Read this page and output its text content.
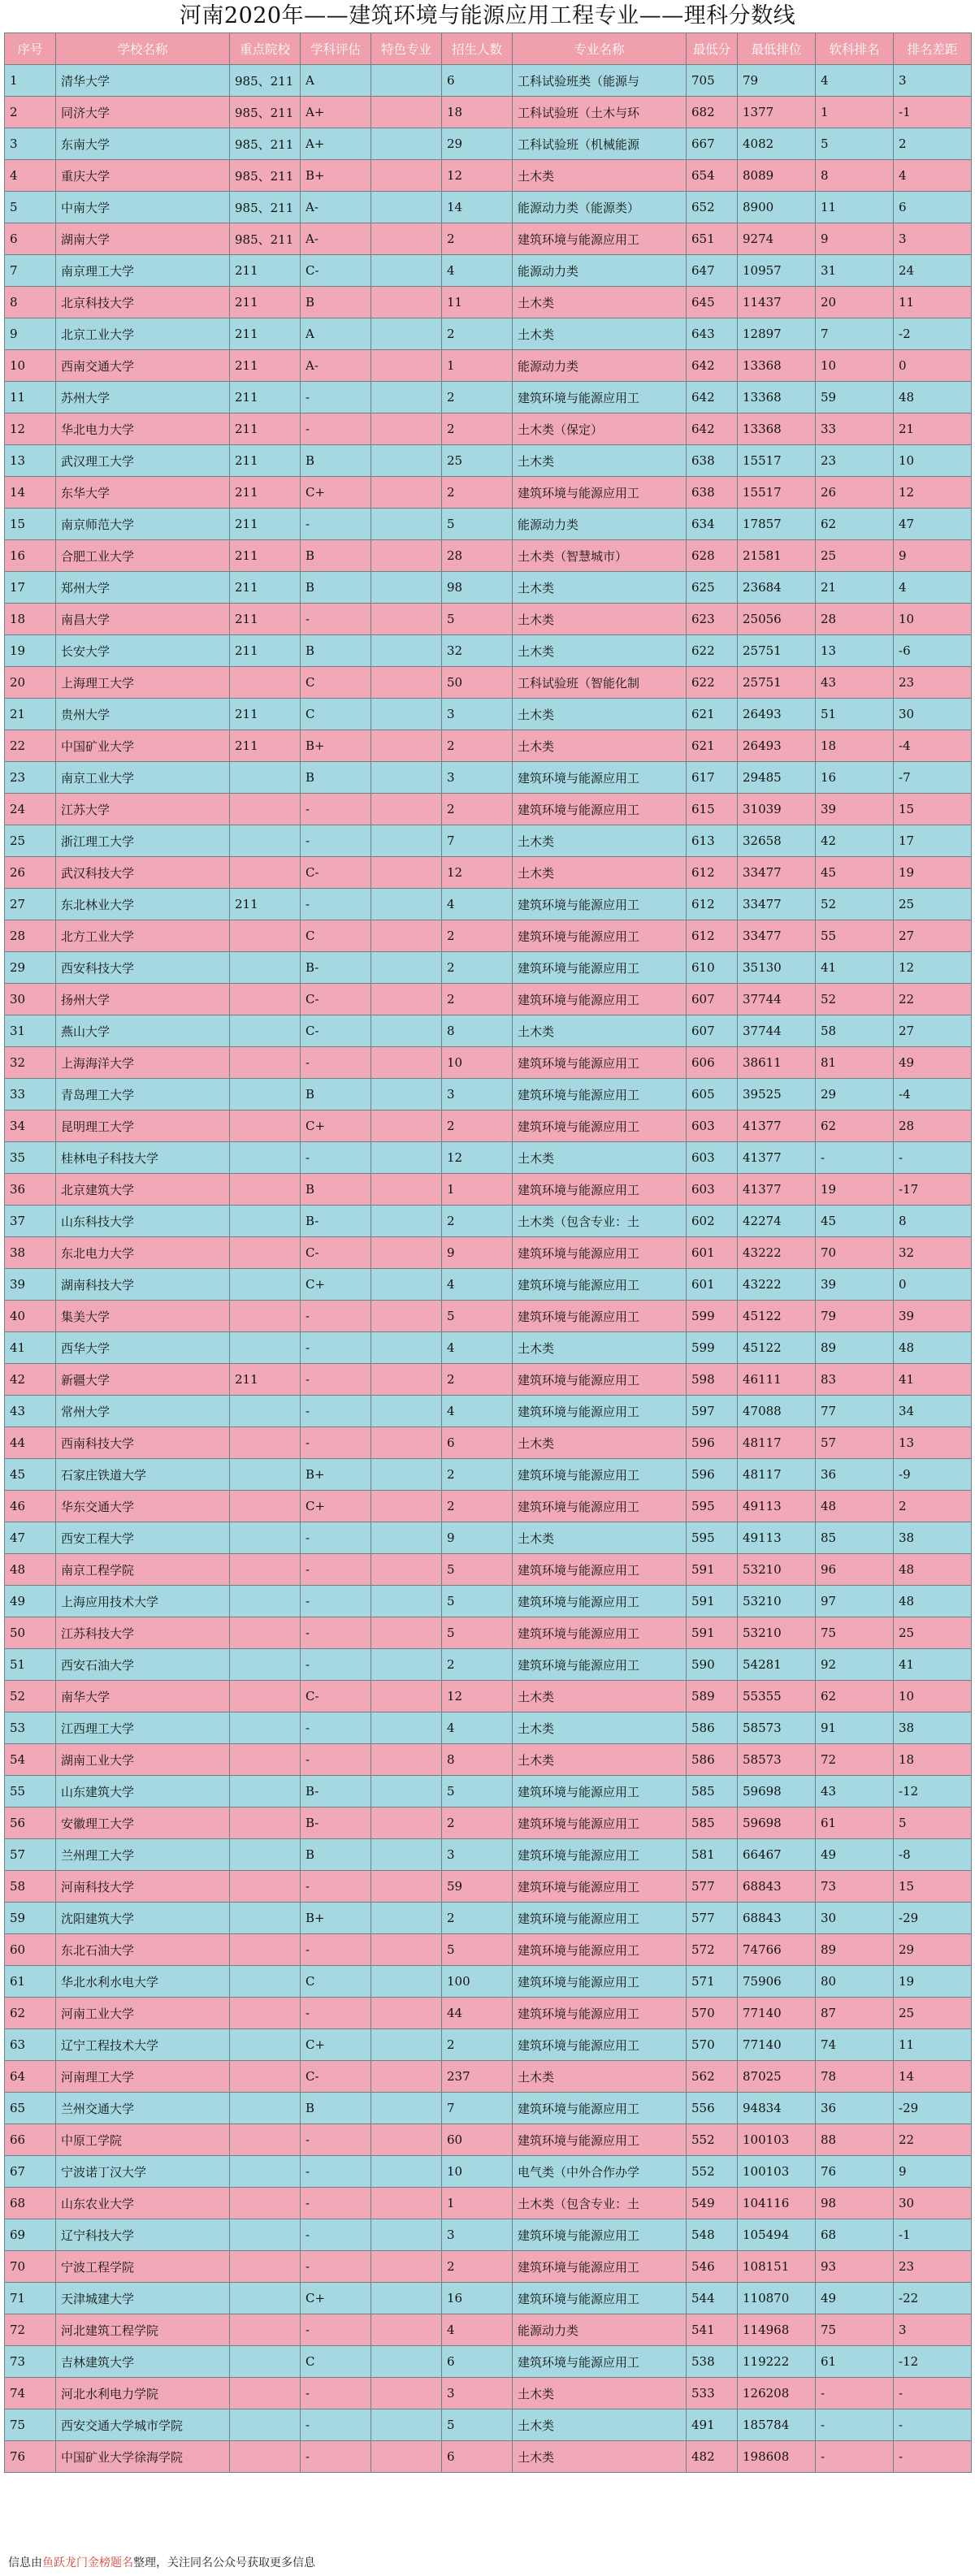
河南2020年——建筑环境与能源应用工程专业——理科分数线
序号	学校名称	重点院校	学科评估	特色专业	招生人数	专业名称	最低分	最低排位	软科排名	排名差距
1	清华大学	985、211	A		6	工科试验班类（能源与	705	79	4	3
2	同济大学	985、211	A+		18	工科试验班（土木与环	682	1377	1	-1
3	东南大学	985、211	A+		29	工科试验班（机械能源	667	4082	5	2
4	重庆大学	985、211	B+		12	土木类	654	8089	8	4
5	中南大学	985、211	A-		14	能源动力类（能源类）	652	8900	11	6
6	湖南大学	985、211	A-		2	建筑环境与能源应用工	651	9274	9	3
7	南京理工大学	211	C-		4	能源动力类	647	10957	31	24
8	北京科技大学	211	B		11	土木类	645	11437	20	11
9	北京工业大学	211	A		2	土木类	643	12897	7	-2
10	西南交通大学	211	A-		1	能源动力类	642	13368	10	0
11	苏州大学	211	-		2	建筑环境与能源应用工	642	13368	59	48
12	华北电力大学	211	-		2	土木类（保定）	642	13368	33	21
13	武汉理工大学	211	B		25	土木类	638	15517	23	10
14	东华大学	211	C+		2	建筑环境与能源应用工	638	15517	26	12
15	南京师范大学	211	-		5	能源动力类	634	17857	62	47
16	合肥工业大学	211	B		28	土木类（智慧城市）	628	21581	25	9
17	郑州大学	211	B		98	土木类	625	23684	21	4
18	南昌大学	211	-		5	土木类	623	25056	28	10
19	长安大学	211	B		32	土木类	622	25751	13	-6
20	上海理工大学		C		50	工科试验班（智能化制	622	25751	43	23
21	贵州大学	211	C		3	土木类	621	26493	51	30
22	中国矿业大学	211	B+		2	土木类	621	26493	18	-4
23	南京工业大学		B		3	建筑环境与能源应用工	617	29485	16	-7
24	江苏大学		-		2	建筑环境与能源应用工	615	31039	39	15
25	浙江理工大学		-		7	土木类	613	32658	42	17
26	武汉科技大学		C-		12	土木类	612	33477	45	19
27	东北林业大学	211	-		4	建筑环境与能源应用工	612	33477	52	25
28	北方工业大学		C		2	建筑环境与能源应用工	612	33477	55	27
29	西安科技大学		B-		2	建筑环境与能源应用工	610	35130	41	12
30	扬州大学		C-		2	建筑环境与能源应用工	607	37744	52	22
31	燕山大学		C-		8	土木类	607	37744	58	27
32	上海海洋大学		-		10	建筑环境与能源应用工	606	38611	81	49
33	青岛理工大学		B		3	建筑环境与能源应用工	605	39525	29	-4
34	昆明理工大学		C+		2	建筑环境与能源应用工	603	41377	62	28
35	桂林电子科技大学		-		12	土木类	603	41377	-	-
36	北京建筑大学		B		1	建筑环境与能源应用工	603	41377	19	-17
37	山东科技大学		B-		2	土木类（包含专业：土	602	42274	45	8
38	东北电力大学		C-		9	建筑环境与能源应用工	601	43222	70	32
39	湖南科技大学		C+		4	建筑环境与能源应用工	601	43222	39	0
40	集美大学		-		5	建筑环境与能源应用工	599	45122	79	39
41	西华大学		-		4	土木类	599	45122	89	48
42	新疆大学	211	-		2	建筑环境与能源应用工	598	46111	83	41
43	常州大学		-		4	建筑环境与能源应用工	597	47088	77	34
44	西南科技大学		-		6	土木类	596	48117	57	13
45	石家庄铁道大学		B+		2	建筑环境与能源应用工	596	48117	36	-9
46	华东交通大学		C+		2	建筑环境与能源应用工	595	49113	48	2
47	西安工程大学		-		9	土木类	595	49113	85	38
48	南京工程学院		-		5	建筑环境与能源应用工	591	53210	96	48
49	上海应用技术大学		-		5	建筑环境与能源应用工	591	53210	97	48
50	江苏科技大学		-		5	建筑环境与能源应用工	591	53210	75	25
51	西安石油大学		-		2	建筑环境与能源应用工	590	54281	92	41
52	南华大学		C-		12	土木类	589	55355	62	10
53	江西理工大学		-		4	土木类	586	58573	91	38
54	湖南工业大学		-		8	土木类	586	58573	72	18
55	山东建筑大学		B-		5	建筑环境与能源应用工	585	59698	43	-12
56	安徽理工大学		B-		2	建筑环境与能源应用工	585	59698	61	5
57	兰州理工大学		B		3	建筑环境与能源应用工	581	66467	49	-8
58	河南科技大学		-		59	建筑环境与能源应用工	577	68843	73	15
59	沈阳建筑大学		B+		2	建筑环境与能源应用工	577	68843	30	-29
60	东北石油大学		-		5	建筑环境与能源应用工	572	74766	89	29
61	华北水利水电大学		C		100	建筑环境与能源应用工	571	75906	80	19
62	河南工业大学		-		44	建筑环境与能源应用工	570	77140	87	25
63	辽宁工程技术大学		C+		2	建筑环境与能源应用工	570	77140	74	11
64	河南理工大学		C-		237	土木类	562	87025	78	14
65	兰州交通大学		B		7	建筑环境与能源应用工	556	94834	36	-29
66	中原工学院		-		60	建筑环境与能源应用工	552	100103	88	22
67	宁波诺丁汉大学		-		10	电气类（中外合作办学	552	100103	76	9
68	山东农业大学		-		1	土木类（包含专业：土	549	104116	98	30
69	辽宁科技大学		-		3	建筑环境与能源应用工	548	105494	68	-1
70	宁波工程学院		-		2	建筑环境与能源应用工	546	108151	93	23
71	天津城建大学		C+		16	建筑环境与能源应用工	544	110870	49	-22
72	河北建筑工程学院		-		4	能源动力类	541	114968	75	3
73	吉林建筑大学		C		6	建筑环境与能源应用工	538	119222	61	-12
74	河北水利电力学院		-		3	土木类	533	126208	-	-
75	西安交通大学城市学院		-		5	土木类	491	185784	-	-
76	中国矿业大学徐海学院		-		6	土木类	482	198608	-	-
信息由鱼跃龙门金榜题名整理，关注同名公众号获取更多信息
